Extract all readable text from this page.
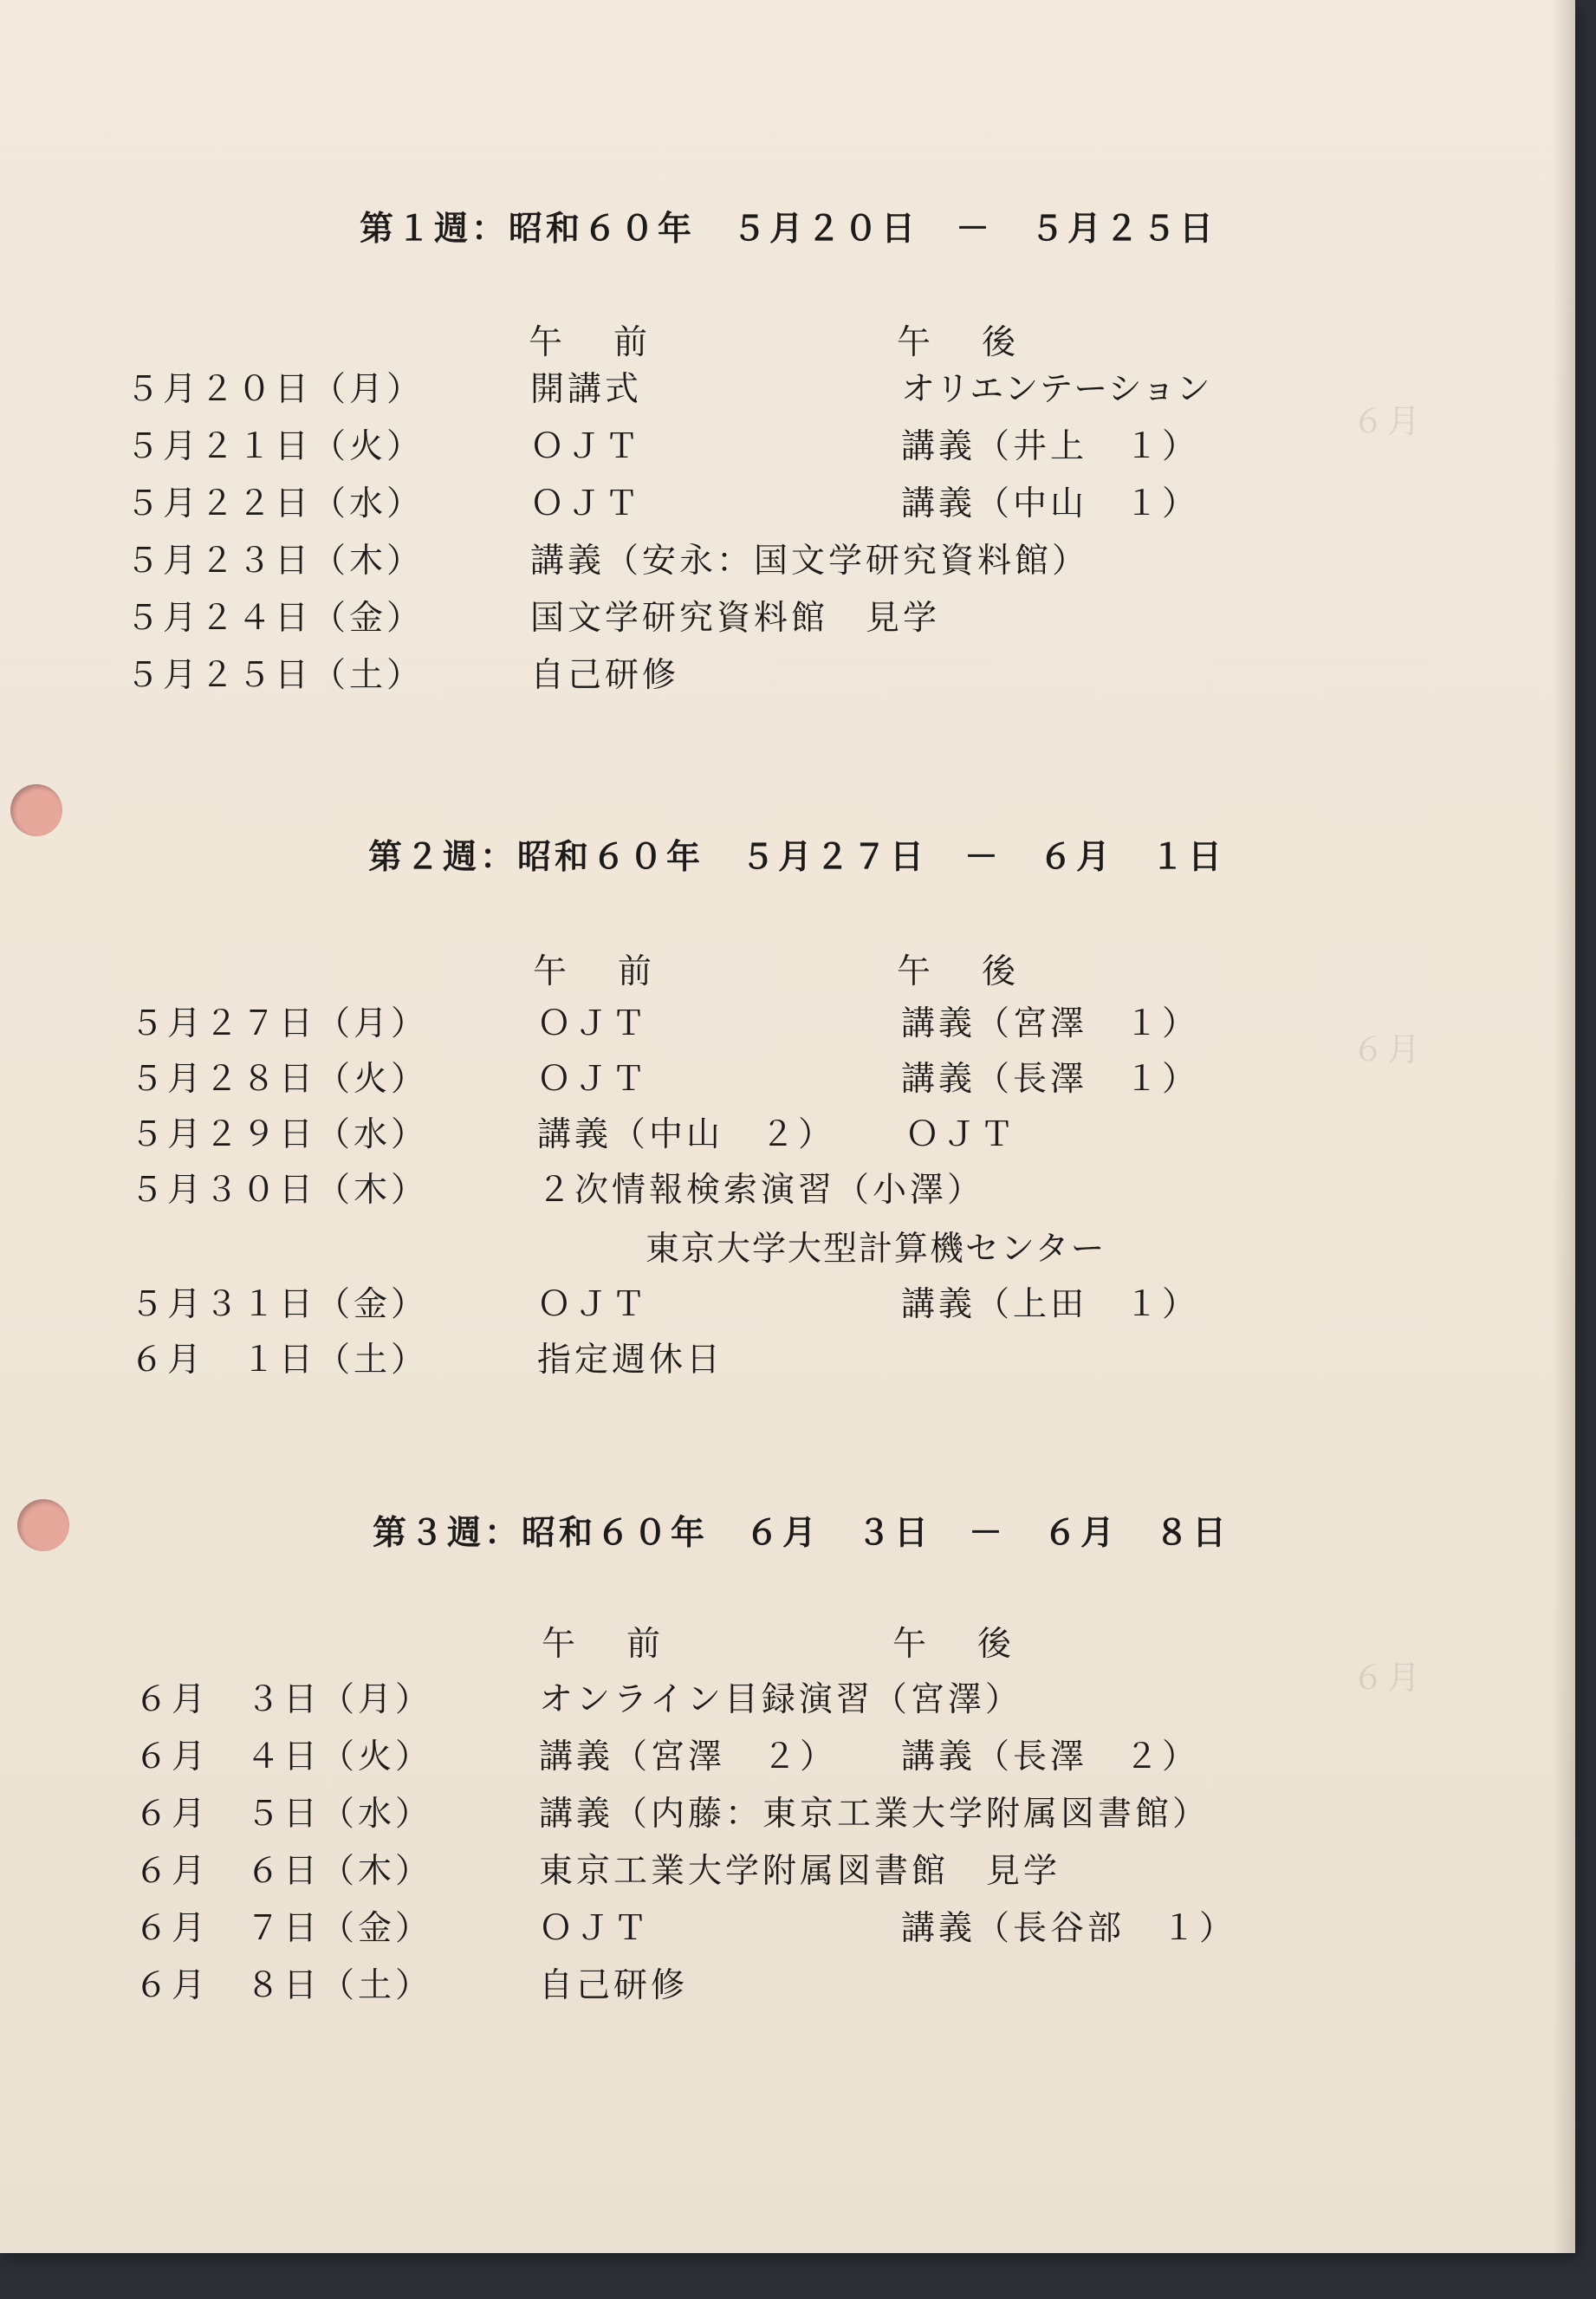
６月
６月
６月
第１週：昭和６０年　５月２０日　－　５月２５日
午　前	午　後
５月２０日（月）	開講式	オリエンテーション
５月２１日（火）	ＯＪＴ	講義（井上　１）
５月２２日（水）	ＯＪＴ	講義（中山　１）
５月２３日（木）	講義（安永：国文学研究資料館）
５月２４日（金）	国文学研究資料館　見学
５月２５日（土）	自己研修
第２週：昭和６０年　５月２７日　－　６月　１日
午　前	午　後
５月２７日（月）	ＯＪＴ	講義（宮澤　１）
５月２８日（火）	ＯＪＴ	講義（長澤　１）
５月２９日（水）	講義（中山　２） ＯＪＴ
５月３０日（木）	２次情報検索演習（小澤）
東京大学大型計算機センター
５月３１日（金）	ＯＪＴ	講義（上田　１）
６月　１日（土）	指定週休日
第３週：昭和６０年　６月　３日　－　６月　８日
午　前	午　後
６月　３日（月）	オンライン目録演習（宮澤）
６月　４日（火）	講義（宮澤　２） 講義（長澤　２）
６月　５日（水）	講義（内藤：東京工業大学附属図書館）
６月　６日（木）	東京工業大学附属図書館　見学
６月　７日（金）	ＯＪＴ	講義（長谷部　１）
６月　８日（土）	自己研修
